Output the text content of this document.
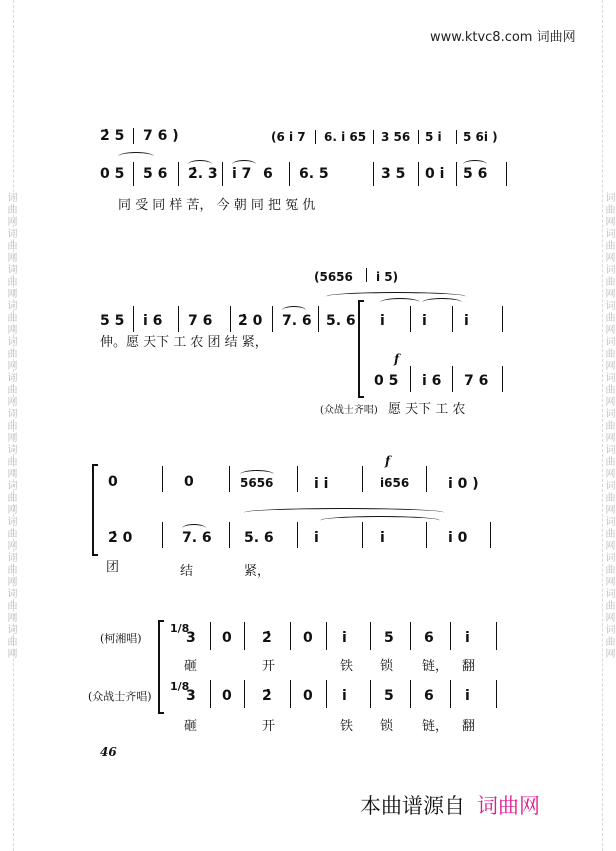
词曲网词曲网词曲网词曲网词曲网词曲网词曲网词曲网词曲网词曲网词曲网词曲网词曲网	词曲网词曲网词曲网词曲网词曲网词曲网词曲网词曲网词曲网词曲网词曲网词曲网词曲网
www.ktvc8.com 词曲网
2̇ 5 7 6 )	(6 i 7 6. i 65 3 56 5 i 5 6i )
0 5 5 6 2̇. 3 i 7 6 6. 5	3 5 0 i 5 6
同 受 同 样 苦， 今 朝 同 把 冤 仇
(5656 i 5)
5 5 i 6 7 6 2̇ 0 7. 6 5. 6 i	i	i
伸。愿 天下 工 农 团 结 紧，
f
0 5 i 6 7 6
(众战士齐唱) 愿 天下 工 农
0	0	5656	i i
f
i656	i 0 )
2̇ 0	7. 6 5. 6	i	i	i 0
团	结	紧，
(柯湘唱)
(众战士齐唱)
1/8
3 0 2̇ 0 i	5 6 i
砸	开	铁 锁 链， 翻
1/8
3 0 2̇ 0 i	5 6 i
砸	开	铁 锁 链， 翻
46
本曲谱源自 词曲网
